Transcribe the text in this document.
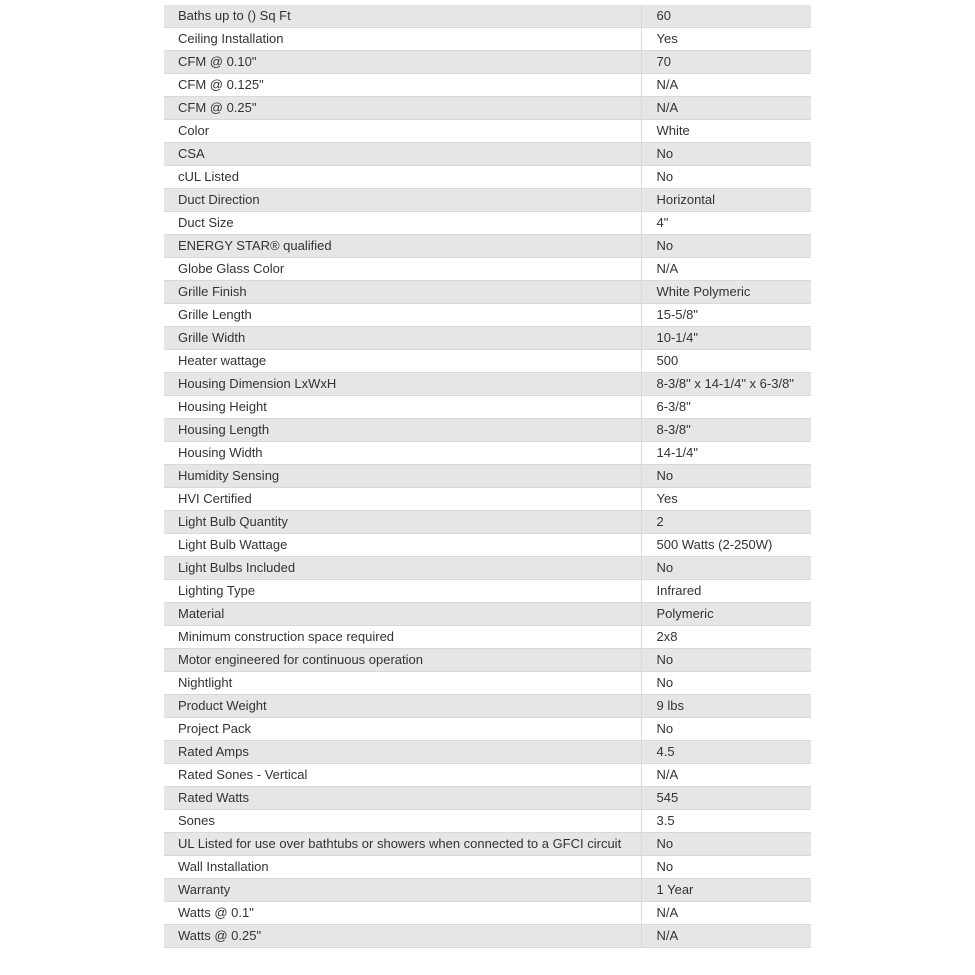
Baths up to () Sq Ft	60
Ceiling Installation	Yes
CFM @ 0.10"	70
CFM @ 0.125"	N/A
CFM @ 0.25"	N/A
Color	White
CSA	No
cUL Listed	No
Duct Direction	Horizontal
Duct Size	4"
ENERGY STAR® qualified	No
Globe Glass Color	N/A
Grille Finish	White Polymeric
Grille Length	15-5/8"
Grille Width	10-1/4"
Heater wattage	500
Housing Dimension LxWxH	8-3/8" x 14-1/4" x 6-3/8"
Housing Height	6-3/8"
Housing Length	8-3/8"
Housing Width	14-1/4"
Humidity Sensing	No
HVI Certified	Yes
Light Bulb Quantity	2
Light Bulb Wattage	500 Watts (2-250W)
Light Bulbs Included	No
Lighting Type	Infrared
Material	Polymeric
Minimum construction space required	2x8
Motor engineered for continuous operation	No
Nightlight	No
Product Weight	9 lbs
Project Pack	No
Rated Amps	4.5
Rated Sones - Vertical	N/A
Rated Watts	545
Sones	3.5
UL Listed for use over bathtubs or showers when connected to a GFCI circuit	No
Wall Installation	No
Warranty	1 Year
Watts @ 0.1"	N/A
Watts @ 0.25"	N/A
